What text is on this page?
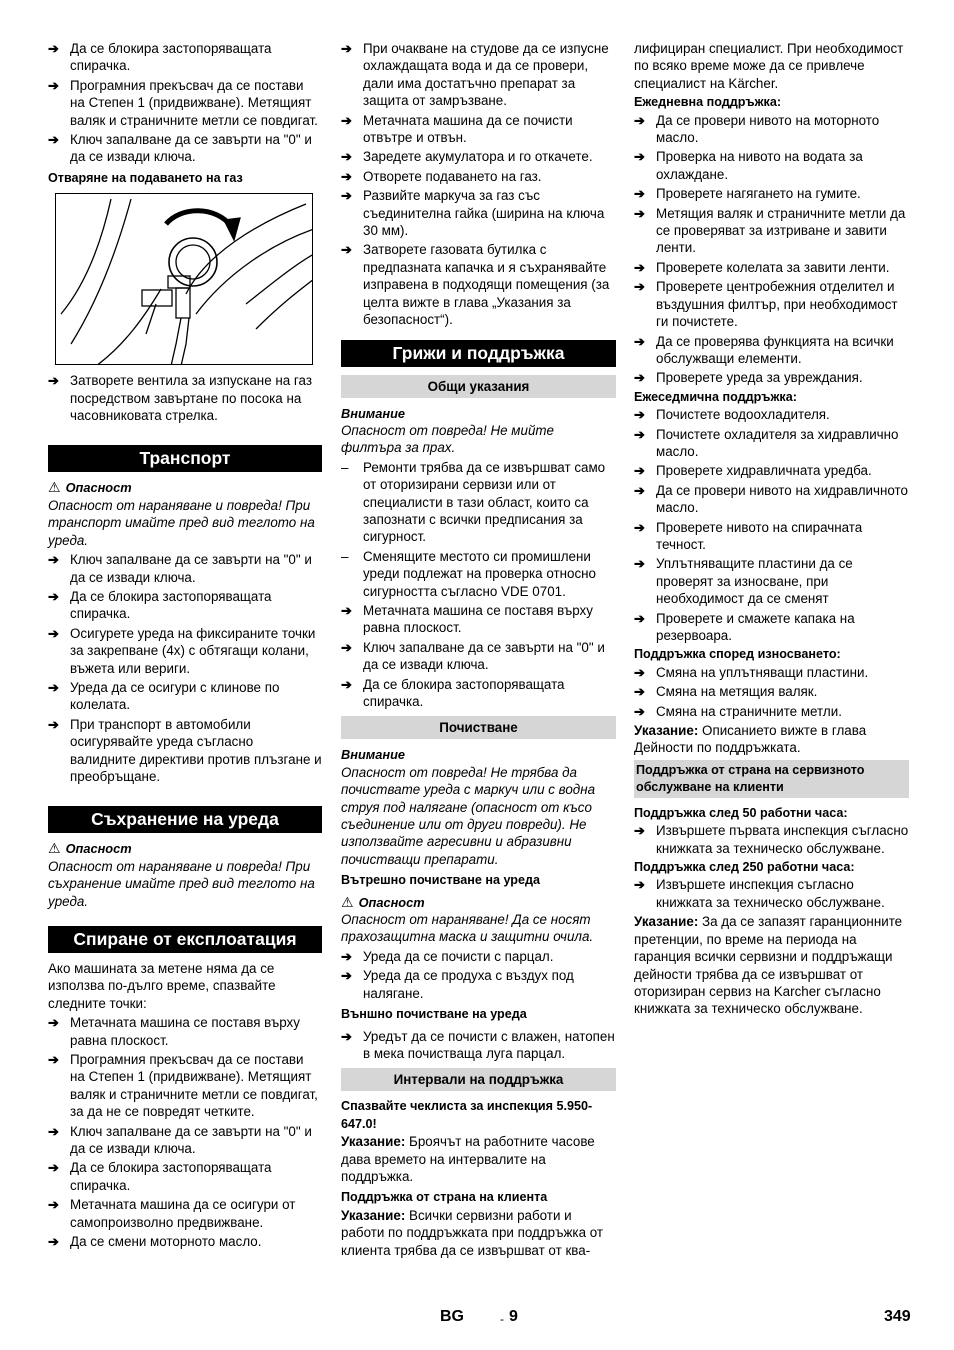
➔ Да се блокира застопоряващата спирачка.
➔ Програмния прекъсвач да се постави на Степен 1 (придвижване). Метящият валяк и страничните метли се повдигат.
➔ Ключ запалване да се завърти на "0" и да се извади ключа.
Отваряне на подаването на газ
➔ Затворете вентила за изпускане на газ посредством завъртане по посока на часовниковата стрелка.
Транспорт
⚠ Опасност

Опасност от нараняване и повреда! При транспорт имайте пред вид теглото на уреда.

➔ Ключ запалване да се завърти на "0" и да се извади ключа.
➔ Да се блокира застопоряващата спирачка.
➔ Осигурете уреда на фиксираните точки за закрепване (4x) с обтягащи колани, въжета или вериги.
➔ Уреда да се осигури с клинове по колелата.
➔ При транспорт в автомобили осигурявайте уреда съгласно валидните директиви против плъзгане и преобръщане.
Съхранение на уреда
⚠ Опасност

Опасност от нараняване и повреда! При съхранение имайте пред вид теглото на уреда.

Спиране от експлоатация

Ако машината за метене няма да се използва по-дълго време, спазвайте следните точки:

➔ Метачната машина се поставя върху равна плоскост.
➔ Програмния прекъсвач да се постави на Степен 1 (придвижване). Метящият валяк и страничните метли се повдигат, за да не се повредят четките.
➔ Ключ запалване да се завърти на "0" и да се извади ключа.
➔ Да се блокира застопоряващата спирачка.
➔ Метачната машина да се осигури от самопроизволно предвижване.
➔ Да се смени моторното масло.
➔ При очакване на студове да се изпусне охлаждащата вода и да се провери, дали има достатъчно препарат за защита от замръзване.
➔ Метачната машина да се почисти отвътре и отвън.
➔ Заредете акумулатора и го откачете.
➔ Отворете подаването на газ.
➔ Развийте маркуча за газ със съединителна гайка (ширина на ключа 30 мм).
➔ Затворете газовата бутилка с предпазната капачка и я съхранявайте изправена в подходящи помещения (за целта вижте в глава „Указания за безопасност“).
Грижи и поддръжка
Общи указания
Внимание

Опасност от повреда! Не мийте филтъра за прах.

– Ремонти трябва да се извършват само от оторизирани сервизи или от специалисти в тази област, които са запознати с всички предписания за сигурност.
– Сменящите местото си промишлени уреди подлежат на проверка относно сигурността съгласно VDE 0701.
➔ Метачната машина се поставя върху равна плоскост.
➔ Ключ запалване да се завърти на "0" и да се извади ключа.
➔ Да се блокира застопоряващата спирачка.
Почистване
Внимание

Опасност от повреда! Не трябва да почиствате уреда с маркуч или с водна струя под налягане (опасност от късо съединение или от други повреди). Не използвайте агресивни и абразивни почистващи препарати.

Вътрешно почистване на уреда
⚠ Опасност

Опасност от нараняване! Да се носят прахозащитна маска и защитни очила.

➔ Уреда да се почисти с парцал.
➔ Уреда да се продуха с въздух под налягане.
Външно почистване на уреда
➔ Уредът да се почисти с влажен, натопен в мека почистваща луга парцал.
Интервали на поддръжка
Спазвайте чеклиста за инспекция 5.950-647.0!

Указание: Броячът на работните часове дава времето на интервалите на поддръжка.

Поддръжка от страна на клиента

Указание: Всички сервизни работи и работи по поддръжката при поддръжка от клиента трябва да се извършват от ква-

лифициран специалист. При необходимост по всяко време може да се привлече специалист на Kärcher.

Ежедневна поддръжка:
➔ Да се провери нивото на моторното масло.
➔ Проверка на нивото на водата за охлаждане.
➔ Проверете нагягането на гумите.
➔ Метящия валяк и страничните метли да се проверяват за изтриване и завити ленти.
➔ Проверете колелата за завити ленти.
➔ Проверете центробежния отделител и въздушния филтър, при необходимост ги почистете.
➔ Да се проверява функцията на всички обслужващи елементи.
➔ Проверете уреда за увреждания.
Ежеседмична поддръжка:
➔ Почистете водоохладителя.
➔ Почистете охладителя за хидравлично масло.
➔ Проверете хидравличната уредба.
➔ Да се провери нивото на хидравличното масло.
➔ Проверете нивото на спирачната течност.
➔ Уплътняващите пластини да се проверят за износване, при необходимост да се сменят
➔ Проверете и смажете капака на резервоара.
Поддръжка според износването:
➔ Смяна на уплътняващи пластини.
➔ Смяна на метящия валяк.
➔ Смяна на страничните метли.

Указание: Описанието вижте в глава Дейности по поддръжката.

Поддръжка от страна на сервизното обслужване на клиенти
Поддръжка след 50 работни часа:
➔ Извършете първата инспекция съгласно книжката за техническо обслужване.
Поддръжка след 250 работни часа:
➔ Извършете инспекция съгласно книжката за техническо обслужване.

Указание: За да се запазят гаранционните претенции, по време на периода на гаранция всички сервизни и поддръжащи дейности трябва да се извършват от оторизиран сервиз на Karcher съгласно книжката за техническо обслужване.

BG	- 9	349
